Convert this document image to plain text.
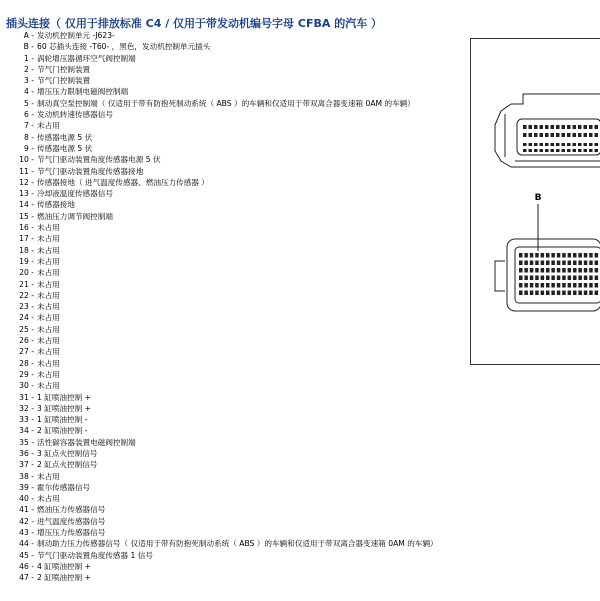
插头连接（ 仅用于排放标准 C4 / 仅用于带发动机编号字母 CFBA 的汽车 ）
A - 发动机控制单元 -J623-
B - 60 芯插头连接 -T60- ，黑色，发动机控制单元插头
1 - 涡轮增压器循环空气阀控制端
2 - 节气门控制装置
3 - 节气门控制装置
4 - 增压压力限制电磁阀控制端
5 - 制动真空泵控制端（ 仅适用于带有防抱死制动系统（ ABS ）的车辆和仅适用于带双离合器变速箱 0AM 的车辆）
6 - 发动机转速传感器信号
7 - 未占用
8 - 传感器电源 5 伏
9 - 传感器电源 5 伏
10 - 节气门驱动装置角度传感器电源 5 伏
11 - 节气门驱动装置角度传感器接地
12 - 传感器接地（ 进气温度传感器、燃油压力传感器 ）
13 - 冷却液温度传感器信号
14 - 传感器接地
15 - 燃油压力调节阀控制端
16 - 未占用
17 - 未占用
18 - 未占用
19 - 未占用
20 - 未占用
21 - 未占用
22 - 未占用
23 - 未占用
24 - 未占用
25 - 未占用
26 - 未占用
27 - 未占用
28 - 未占用
29 - 未占用
30 - 未占用
31 - 1 缸喷油控制 +
32 - 3 缸喷油控制 +
33 - 1 缸喷油控制 -
34 - 2 缸喷油控制 -
35 - 活性碳容器装置电磁阀控制端
36 - 3 缸点火控制信号
37 - 2 缸点火控制信号
38 - 未占用
39 - 霍尔传感器信号
40 - 未占用
41 - 燃油压力传感器信号
42 - 进气温度传感器信号
43 - 增压压力传感器信号
44 - 制动助力压力传感器信号（ 仅适用于带有防抱死制动系统（ ABS ）的车辆和仅适用于带双离合器变速箱 0AM 的车辆）
45 - 节气门驱动装置角度传感器 1 信号
46 - 4 缸喷油控制 +
47 - 2 缸喷油控制 +
B
